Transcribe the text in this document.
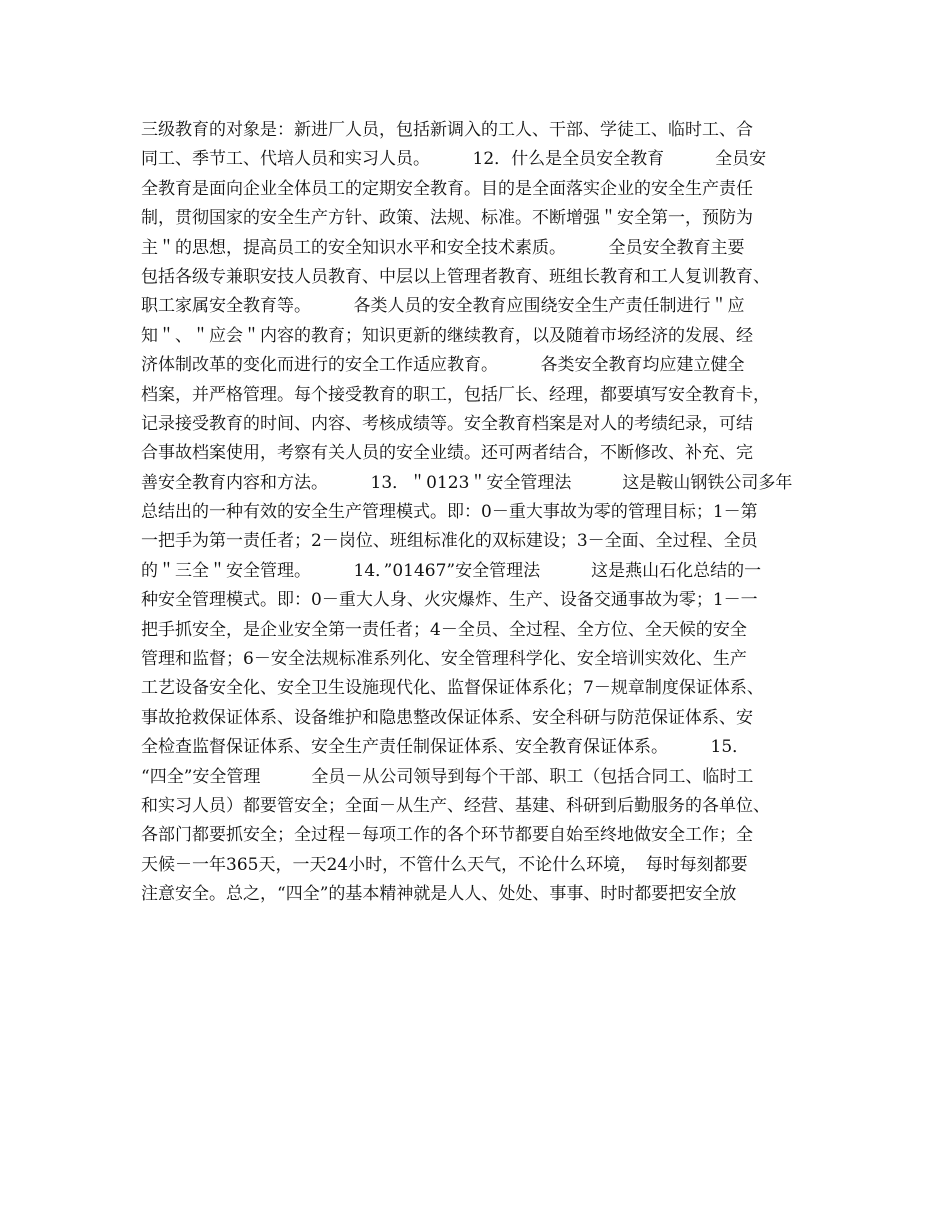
三级教育的对象是：新进厂人员，包括新调入的工人、干部、学徒工、临时工、合
同工、季节工、代培人员和实习人员。　　　12．什么是全员安全教育　　　全员安
全教育是面向企业全体员工的定期安全教育。目的是全面落实企业的安全生产责任
制，贯彻国家的安全生产方针、政策、法规、标准。不断增强＂安全第一，预防为
主＂的思想，提高员工的安全知识水平和安全技术素质。　　　全员安全教育主要
包括各级专兼职安技人员教育、中层以上管理者教育、班组长教育和工人复训教育、
职工家属安全教育等。　　　各类人员的安全教育应围绕安全生产责任制进行＂应
知＂、＂应会＂内容的教育；知识更新的继续教育，以及随着市场经济的发展、经
济体制改革的变化而进行的安全工作适应教育。　　　各类安全教育均应建立健全
档案，并严格管理。每个接受教育的职工，包括厂长、经理，都要填写安全教育卡，
记录接受教育的时间、内容、考核成绩等。安全教育档案是对人的考绩纪录，可结
合事故档案使用，考察有关人员的安全业绩。还可两者结合，不断修改、补充、完
善安全教育内容和方法。　　　13．＂0123＂安全管理法　　　这是鞍山钢铁公司多年
总结出的一种有效的安全生产管理模式。即：0－重大事故为零的管理目标；1－第
一把手为第一责任者；2－岗位、班组标准化的双标建设；3－全面、全过程、全员
的＂三全＂安全管理。　　　14．”01467”安全管理法　　　这是燕山石化总结的一
种安全管理模式。即：0－重大人身、火灾爆炸、生产、设备交通事故为零；1－一
把手抓安全，是企业安全第一责任者；4－全员、全过程、全方位、全天候的安全
管理和监督；6－安全法规标准系列化、安全管理科学化、安全培训实效化、生产
工艺设备安全化、安全卫生设施现代化、监督保证体系化；7－规章制度保证体系、
事故抢救保证体系、设备维护和隐患整改保证体系、安全科研与防范保证体系、安
全检查监督保证体系、安全生产责任制保证体系、安全教育保证体系。　　　15．
“四全”安全管理　　　全员－从公司领导到每个干部、职工（包括合同工、临时工
和实习人员）都要管安全；全面－从生产、经营、基建、科研到后勤服务的各单位、
各部门都要抓安全；全过程－每项工作的各个环节都要自始至终地做安全工作；全
天候－一年365天，一天24小时，不管什么天气，不论什么环境，　每时每刻都要
注意安全。总之，“四全”的基本精神就是人人、处处、事事、时时都要把安全放
